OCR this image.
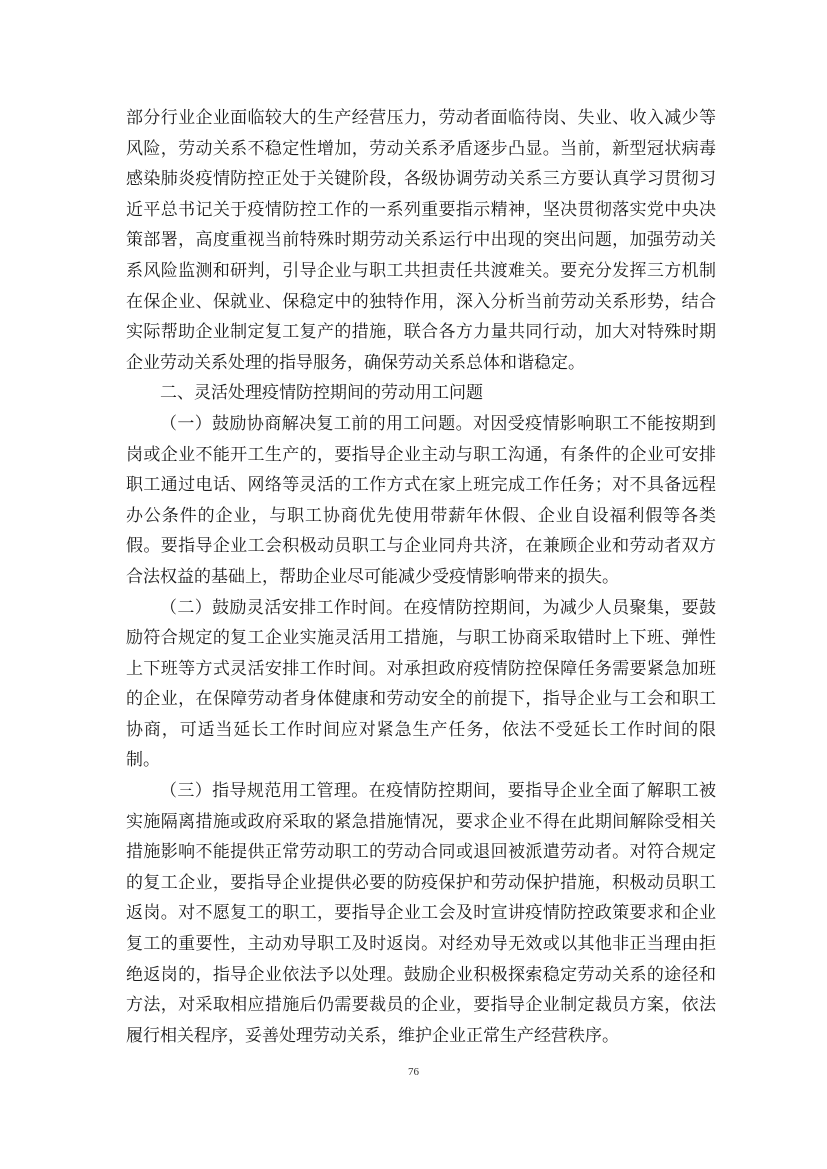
部分行业企业面临较大的生产经营压力，劳动者面临待岗、失业、收入减少等风险，劳动关系不稳定性增加，劳动关系矛盾逐步凸显。当前，新型冠状病毒感染肺炎疫情防控正处于关键阶段，各级协调劳动关系三方要认真学习贯彻习近平总书记关于疫情防控工作的一系列重要指示精神，坚决贯彻落实党中央决策部署，高度重视当前特殊时期劳动关系运行中出现的突出问题，加强劳动关系风险监测和研判，引导企业与职工共担责任共渡难关。要充分发挥三方机制在保企业、保就业、保稳定中的独特作用，深入分析当前劳动关系形势，结合实际帮助企业制定复工复产的措施，联合各方力量共同行动，加大对特殊时期企业劳动关系处理的指导服务，确保劳动关系总体和谐稳定。

二、灵活处理疫情防控期间的劳动用工问题

（一）鼓励协商解决复工前的用工问题。对因受疫情影响职工不能按期到岗或企业不能开工生产的，要指导企业主动与职工沟通，有条件的企业可安排职工通过电话、网络等灵活的工作方式在家上班完成工作任务；对不具备远程办公条件的企业，与职工协商优先使用带薪年休假、企业自设福利假等各类假。要指导企业工会积极动员职工与企业同舟共济，在兼顾企业和劳动者双方合法权益的基础上，帮助企业尽可能减少受疫情影响带来的损失。

（二）鼓励灵活安排工作时间。在疫情防控期间，为减少人员聚集，要鼓励符合规定的复工企业实施灵活用工措施，与职工协商采取错时上下班、弹性上下班等方式灵活安排工作时间。对承担政府疫情防控保障任务需要紧急加班的企业，在保障劳动者身体健康和劳动安全的前提下，指导企业与工会和职工协商，可适当延长工作时间应对紧急生产任务，依法不受延长工作时间的限制。

（三）指导规范用工管理。在疫情防控期间，要指导企业全面了解职工被实施隔离措施或政府采取的紧急措施情况，要求企业不得在此期间解除受相关措施影响不能提供正常劳动职工的劳动合同或退回被派遣劳动者。对符合规定的复工企业，要指导企业提供必要的防疫保护和劳动保护措施，积极动员职工返岗。对不愿复工的职工，要指导企业工会及时宣讲疫情防控政策要求和企业复工的重要性，主动劝导职工及时返岗。对经劝导无效或以其他非正当理由拒绝返岗的，指导企业依法予以处理。鼓励企业积极探索稳定劳动关系的途径和方法，对采取相应措施后仍需要裁员的企业，要指导企业制定裁员方案，依法履行相关程序，妥善处理劳动关系，维护企业正常生产经营秩序。

76
